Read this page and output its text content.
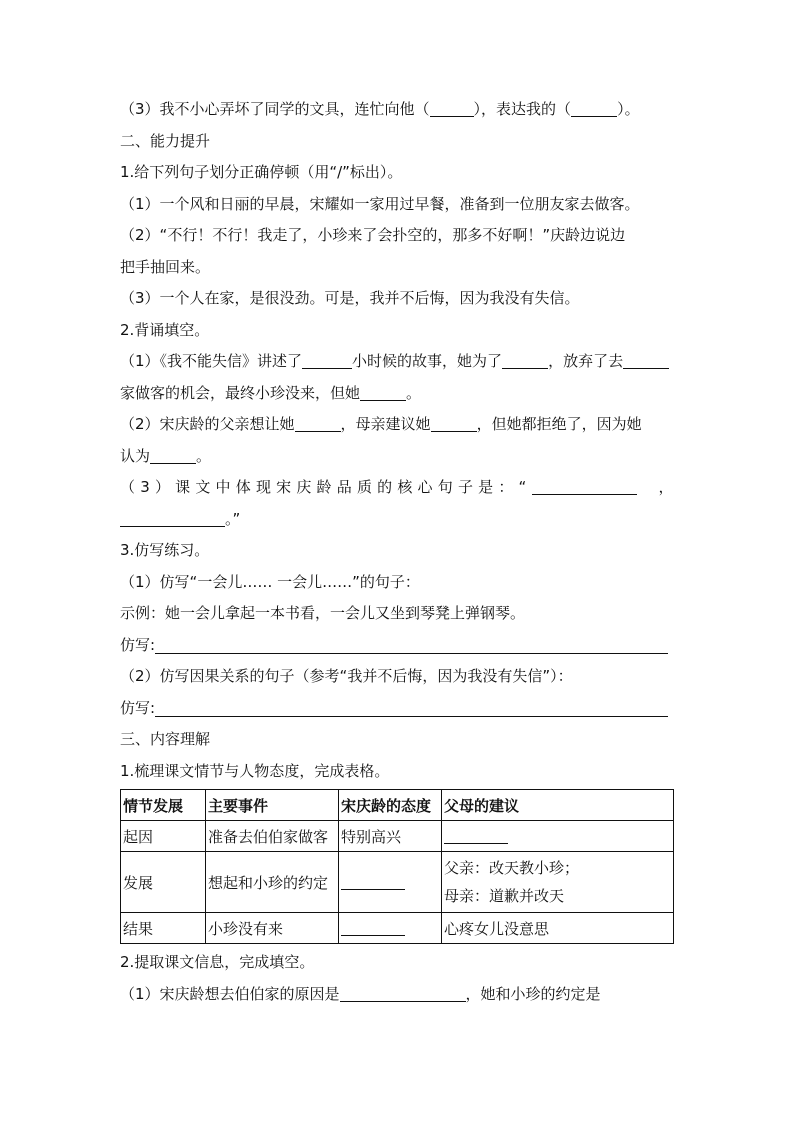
（3）我不小心弄坏了同学的文具，连忙向他（	），表达我的（	）。
二、能力提升
1.给下列句子划分正确停顿（用“/”标出）。
（1）一个风和日丽的早晨，宋耀如一家用过早餐，准备到一位朋友家去做客。
（2）“不行！不行！我走了，小珍来了会扑空的，那多不好啊！”庆龄边说边
把手抽回来。
（3）一个人在家，是很没劲。可是，我并不后悔，因为我没有失信。
2.背诵填空。
（1）《我不能失信》讲述了	小时候的故事，她为了	，放弃了去
家做客的机会，最终小珍没来，但她	。
（2）宋庆龄的父亲想让她	，母亲建议她	，但她都拒绝了，因为她
认为	。
（3）课文中体现宋庆龄品质的核心句子是：“	，
。”
3.仿写练习。
（1）仿写“一会儿…… 一会儿……”的句子：
示例：她一会儿拿起一本书看，一会儿又坐到琴凳上弹钢琴。
仿写:
（2）仿写因果关系的句子（参考“我并不后悔，因为我没有失信”）：
仿写:
三、内容理解
1.梳理课文情节与人物态度，完成表格。
情节发展	主要事件	宋庆龄的态度	父母的建议
起因	准备去伯伯家做客	特别高兴	
发展	想起和小珍的约定		父亲：改天教小珍；
母亲：道歉并改天

结果	小珍没有来		心疼女儿没意思
2.提取课文信息，完成填空。
（1）宋庆龄想去伯伯家的原因是	，她和小珍的约定是
